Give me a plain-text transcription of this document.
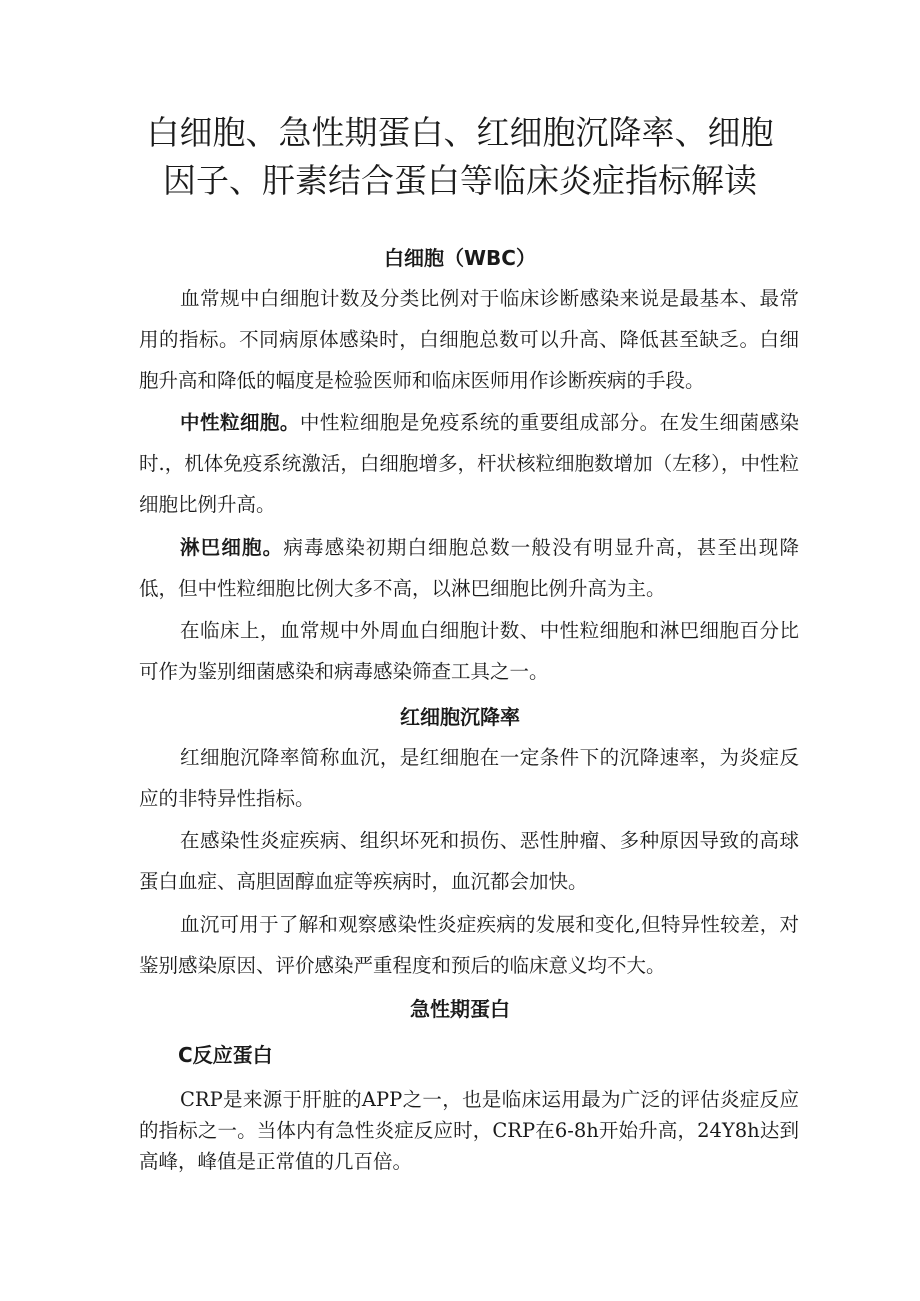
白细胞、急性期蛋白、红细胞沉降率、细胞
因子、肝素结合蛋白等临床炎症指标解读
白细胞（WBC）

血常规中白细胞计数及分类比例对于临床诊断感染来说是最基本、最常用的指标。不同病原体感染时，白细胞总数可以升高、降低甚至缺乏。白细胞升高和降低的幅度是检验医师和临床医师用作诊断疾病的手段。

中性粒细胞。中性粒细胞是免疫系统的重要组成部分。在发生细菌感染时.，机体免疫系统激活，白细胞增多，杆状核粒细胞数增加（左移），中性粒细胞比例升高。

淋巴细胞。病毒感染初期白细胞总数一般没有明显升高，甚至出现降低，但中性粒细胞比例大多不高，以淋巴细胞比例升高为主。

在临床上，血常规中外周血白细胞计数、中性粒细胞和淋巴细胞百分比可作为鉴别细菌感染和病毒感染筛查工具之一。

红细胞沉降率

红细胞沉降率简称血沉，是红细胞在一定条件下的沉降速率，为炎症反应的非特异性指标。

在感染性炎症疾病、组织坏死和损伤、恶性肿瘤、多种原因导致的高球蛋白血症、高胆固醇血症等疾病时，血沉都会加快。

血沉可用于了解和观察感染性炎症疾病的发展和变化,但特异性较差，对鉴别感染原因、评价感染严重程度和预后的临床意义均不大。

急性期蛋白
C反应蛋白

CRP是来源于肝脏的APP之一，也是临床运用最为广泛的评估炎症反应的指标之一。当体内有急性炎症反应时，CRP在6-8h开始升高，24Y8h达到高峰，峰值是正常值的几百倍。
